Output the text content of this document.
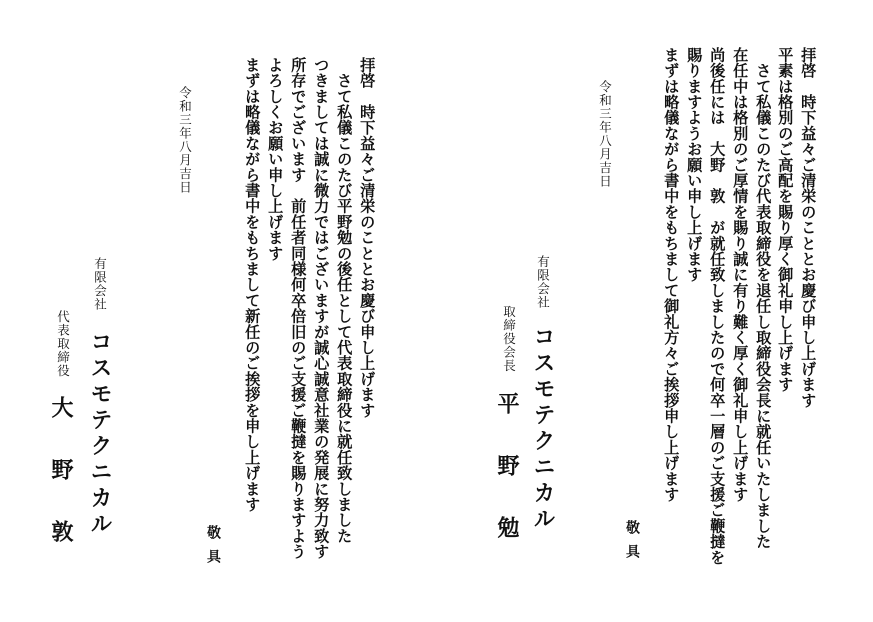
拝啓　時下益々ご清栄のこととお慶び申し上げます
平素は格別のご高配を賜り厚く御礼申し上げます
　さて私儀このたび代表取締役を退任し取締役会長に就任いたしました
在任中は格別のご厚情を賜り誠に有り難く厚く御礼申し上げます
尚後任には　大野　敦　が就任致しましたので何卒一層のご支援ご鞭撻を
賜りますようお願い申し上げます
まずは略儀ながら書中をもちまして御礼方々ご挨拶申し上げます
敬具
令和三年八月吉日
有限会社
コスモテクニカル
取締役会長
平野勉
拝啓　時下益々ご清栄のこととお慶び申し上げます
　さて私儀このたび平野勉の後任として代表取締役に就任致しました
つきましては誠に微力ではございますが誠心誠意社業の発展に努力致す
所存でございます　前任者同様何卒倍旧のご支援ご鞭撻を賜りますよう
よろしくお願い申し上げます
まずは略儀ながら書中をもちまして新任のご挨拶を申し上げます
敬具
令和三年八月吉日
有限会社
コスモテクニカル
代表取締役
大野敦
